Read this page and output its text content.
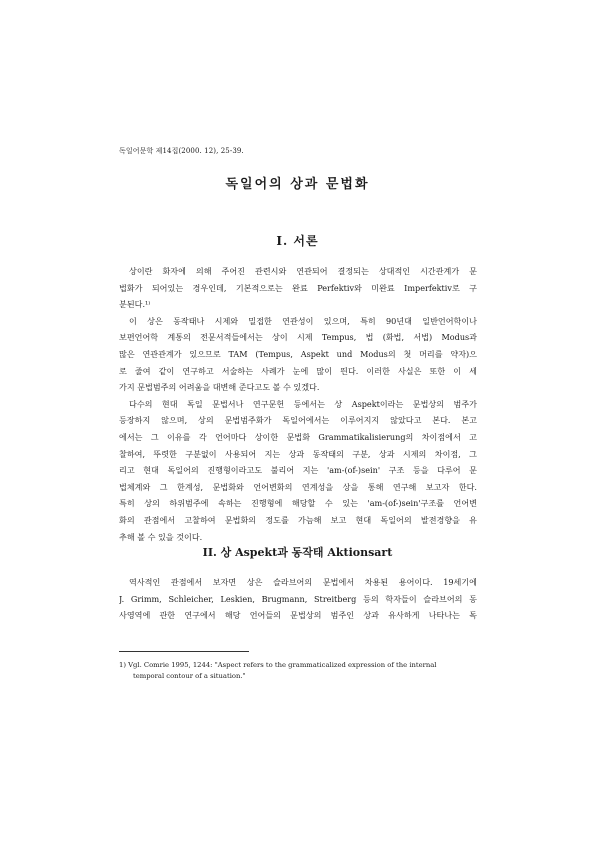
독일어문학 제14집(2000. 12), 25-39.
독일어의 상과 문법화
I. 서론
상이란 화자에 의해 주어진 관련시와 연관되어 결정되는 상대적인 시간관계가 문
법화가 되어있는 경우인데, 기본적으로는 완료 Perfektiv와 미완료 Imperfektiv로 구
분된다.¹⁾
이 상은 동작태나 시제와 밀접한 연관성이 있으며, 특히 90년대 일반언어학이나
보편언어학 계통의 전문서적들에서는 상이 시제 Tempus, 법 (화법, 서법) Modus과
많은 연관관계가 있으므로 TAM (Tempus, Aspekt und Modus의 첫 머리를 약자)으
로 줄여 같이 연구하고 서술하는 사례가 눈에 많이 띈다. 이러한 사실은 또한 이 세
가지 문법범주의 어려움을 대변해 준다고도 볼 수 있겠다.
다수의 현대 독일 문법서나 연구문헌 등에서는 상 Aspekt이라는 문법상의 범주가
등장하지 않으며, 상의 문법범주화가 독일어에서는 이루어지지 않았다고 본다. 본고
에서는 그 이유를 각 언어마다 상이한 문법화 Grammatikalisierung의 차이점에서 고
찰하여, 뚜렷한 구분없이 사용되어 지는 상과 동작태의 구분, 상과 시제의 차이점, 그
리고 현대 독일어의 진행형이라고도 불리어 지는 'am-(of-)sein' 구조 등을 다루어 문
법체계와 그 한계성, 문법화와 언어변화의 연계성을 상을 통해 연구해 보고자 한다.
특히 상의 하위범주에 속하는 진행형에 해당할 수 있는 'am-(of-)sein'구조를 언어변
화의 관점에서 고찰하여 문법화의 정도를 가늠해 보고 현대 독일어의 발전경향을 유
추해 볼 수 있을 것이다.
II. 상 Aspekt과 동작태 Aktionsart
역사적인 관점에서 보자면 상은 슬라브어의 문법에서 차용된 용어이다. 19세기에
J. Grimm, Schleicher, Leskien, Brugmann, Streitberg 등의 학자들이 슬라브어의 동
사영역에 관한 연구에서 해당 언어들의 문법상의 범주인 상과 유사하게 나타나는 독
1) Vgl. Comrie 1995, 1244: "Aspect refers to the grammaticalized expression of the internal
temporal contour of a situation."
